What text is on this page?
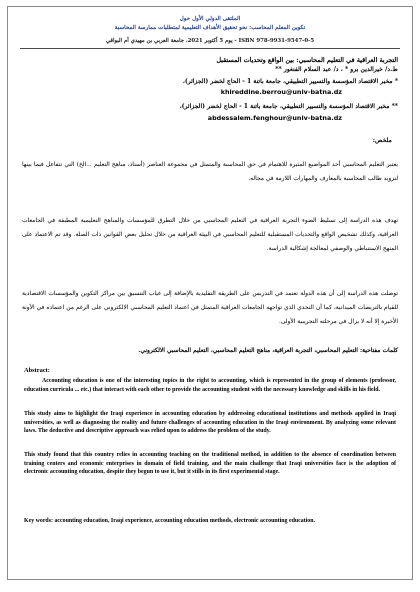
الملتقى الدولي الأول حول
تكوين المعلم المحاسب: نحو تحقيق الأهداف التعليمية لمتطلبات ممارسة المحاسبة
يوم 5 أكتوبر 2021، جامعة العربي بن مهيدي أم البواقي - ISBN 978-9931-9547-0-5
التجربة العراقية في التعليم المحاسبي: بين الواقع وتحديات المستقبل
ط.د/ خيرالدين برو * ، د/ عبد السلام الفنغور **
* مخبر الاقتصاد المؤسسة والتسيير التطبيقي، جامعة باتنة 1 - الحاج لخضر (الجزائر)،
khireddine.berrou@univ-batna.dz
** مخبر الاقتصاد المؤسسة والتسيير التطبيقي، جامعة باتنة 1 - الحاج لخضر (الجزائر)،
abdessalem.fenghour@univ-batna.dz
ملخص:
يعتبر التعليم المحاسبي أحد المواضيع المثيرة للاهتمام في حق المحاسبة والمتمثل في مجموعة العناصر (أستاذ، مناهج التعليم ...الخ) التي تتفاعل فيما بينها لتزويد طالب المحاسبة بالمعارف والمهارات اللازمة في مجاله.
تهدف هذه الدراسة إلى تسليط الضوء التجربة العراقية في التعليم المحاسبي من خلال التطرق للمؤسسات والمناهج التعليمية المطبقة في الجامعات العراقية، وكذلك تشخيص الواقع والتحديات المستقبلية للتعليم المحاسبي في البيئة العراقية من خلال تحليل بعض القوانين ذات الصلة. وقد تم الاعتماد على المنهج الاستنباطي والوصفي لمعالجة إشكالية الدراسة.
توصلت هذه الدراسة إلى أن هذه الدولة تعتمد في التدريس على الطريقة التقليدية بالإضافة إلى غياب التنسيق بين مراكز التكوين والمؤسسات الاقتصادية للقيام بالتربصات الميدانية، كما أن التحدي الذي تواجهه الجامعات العراقية المتمثل في اعتماد التعليم المحاسبي الالكتروني على الرغم من اعتماده في الآونة الأخيرة إلا أنه لا يزال في مرحلته التجريبية الأولى.
كلمات مفتاحية: التعليم المحاسبي، التجربة العراقية، مناهج التعليم المحاسبي، التعليم المحاسبي الالكتروني.
Abstract:
Accounting education is one of the interesting topics in the right to accounting, which is represented in the group of elements (professor, education curricula ... etc.) that interact with each other to provide the accounting student with the necessary knowledge and skills in his field.
This study aims to highlight the Iraqi experience in accounting education by addressing educational institutions and methods applied in Iraqi universities, as well as diagnosing the reality and future challenges of accounting education in the Iraqi environment. By analyzing some relevant laws. The deductive and descriptive approach was relied upon to address the problem of the study.
This study found that this country relies in accounting teaching on the traditional method, in addition to the absence of coordination between training centers and economic enterprises in domain of field training, and the main challenge that Iraqi universities face is the adoption of electronic accounting education, despite they begun to use it, but it stills in its first experimental stage.
Key words: accounting education, Iraqi experience, accounting education methods, electronic accounting education.
